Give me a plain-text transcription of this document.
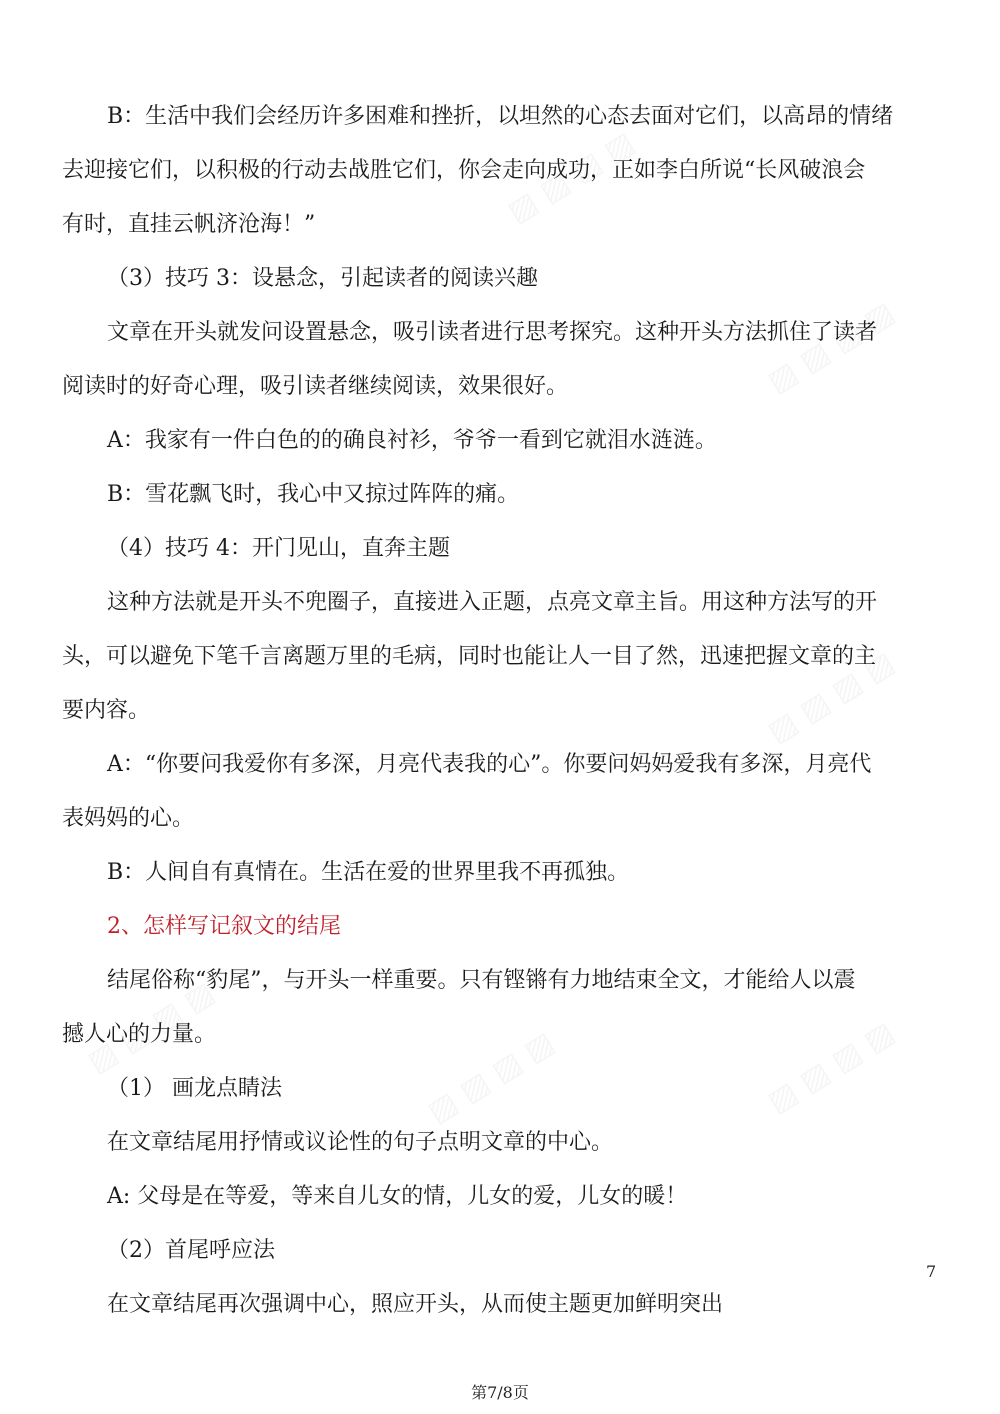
B：生活中我们会经历许多困难和挫折，以坦然的心态去面对它们，以高昂的情绪

去迎接它们，以积极的行动去战胜它们，你会走向成功，正如李白所说“长风破浪会

有时，直挂云帆济沧海！”

（3）技巧 3：设悬念，引起读者的阅读兴趣

文章在开头就发问设置悬念，吸引读者进行思考探究。这种开头方法抓住了读者

阅读时的好奇心理，吸引读者继续阅读，效果很好。

A：我家有一件白色的的确良衬衫，爷爷一看到它就泪水涟涟。

B：雪花飘飞时，我心中又掠过阵阵的痛。

（4）技巧 4：开门见山，直奔主题

这种方法就是开头不兜圈子，直接进入正题，点亮文章主旨。用这种方法写的开

头，可以避免下笔千言离题万里的毛病，同时也能让人一目了然，迅速把握文章的主

要内容。

A：“你要问我爱你有多深，月亮代表我的心”。你要问妈妈爱我有多深，月亮代

表妈妈的心。

B：人间自有真情在。生活在爱的世界里我不再孤独。

2、怎样写记叙文的结尾

结尾俗称“豹尾”，与开头一样重要。只有铿锵有力地结束全文，才能给人以震

撼人心的力量。

（1） 画龙点睛法

在文章结尾用抒情或议论性的句子点明文章的中心。

A: 父母是在等爱，等来自儿女的情，儿女的爱，儿女的暖！

（2）首尾呼应法

在文章结尾再次强调中心，照应开头，从而使主题更加鲜明突出

7
第7/8页
